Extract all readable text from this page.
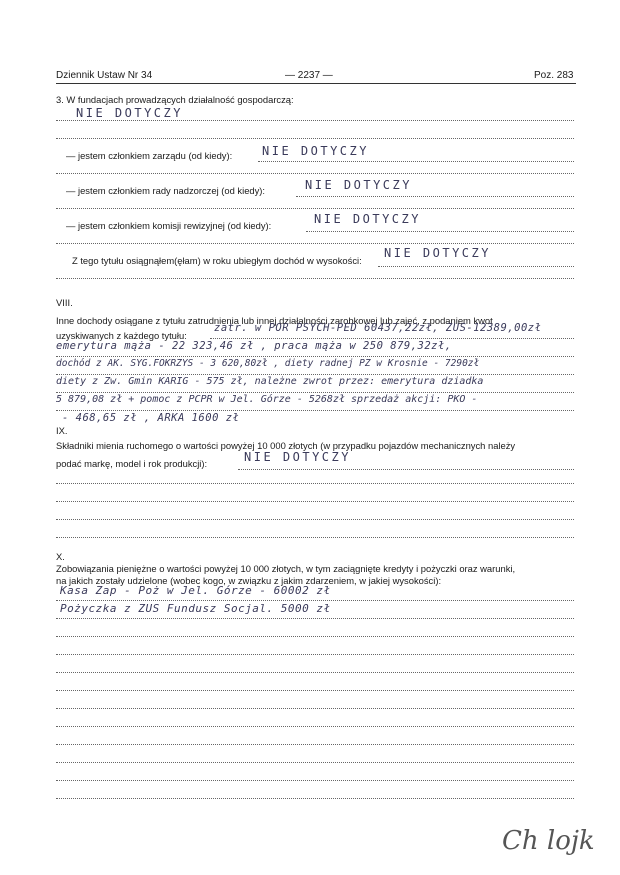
Dziennik Ustaw Nr 34	— 2237 —	Poz. 283
3. W fundacjach prowadzących działalność gospodarczą:
NIE DOTYCZY
— jestem członkiem zarządu (od kiedy): NIE DOTYCZY
— jestem członkiem rady nadzorczej (od kiedy):	NIE DOTYCZY
— jestem członkiem komisji rewizyjnej (od kiedy):	NIE DOTYCZY
Z tego tytułu osiągnąłem(ęłam) w roku ubiegłym dochód w wysokości:
NIE DOTYCZY
VIII.
Inne dochody osiągane z tytułu zatrudnienia lub innej działalności zarobkowej lub zajęć, z podaniem kwot
uzyskiwanych z każdego tytułu:
zatr. w POR PSYCH-PED 60437,22zł, ZUS-12389,00zł
emerytura mąża - 22 323,46 zł , praca mąża w 250 879,32zł,
dochód z AK. SYG.FOKRZYS - 3 620,80zł , diety radnej PZ w Krosnie - 7290zł
diety z Zw. Gmin KARIG - 575 zł, należne zwrot przez: emerytura dziadka
5 879,08 zł + pomoc z PCPR w Jel. Górze - 5268zł sprzedaż akcji: PKO -
- 468,65 zł , ARKA 1600 zł
IX.
Składniki mienia ruchomego o wartości powyżej 10 000 złotych (w przypadku pojazdów mechanicznych należy
podać markę, model i rok produkcji):	NIE DOTYCZY
X.
Zobowiązania pieniężne o wartości powyżej 10 000 złotych, w tym zaciągnięte kredyty i pożyczki oraz warunki,
na jakich zostały udzielone (wobec kogo, w związku z jakim zdarzeniem, w jakiej wysokości):
Kasa Zap - Poż w Jel. Górze - 60002 zł
Pożyczka z ZUS Fundusz Socjal. 5000 zł
Ch lojk
